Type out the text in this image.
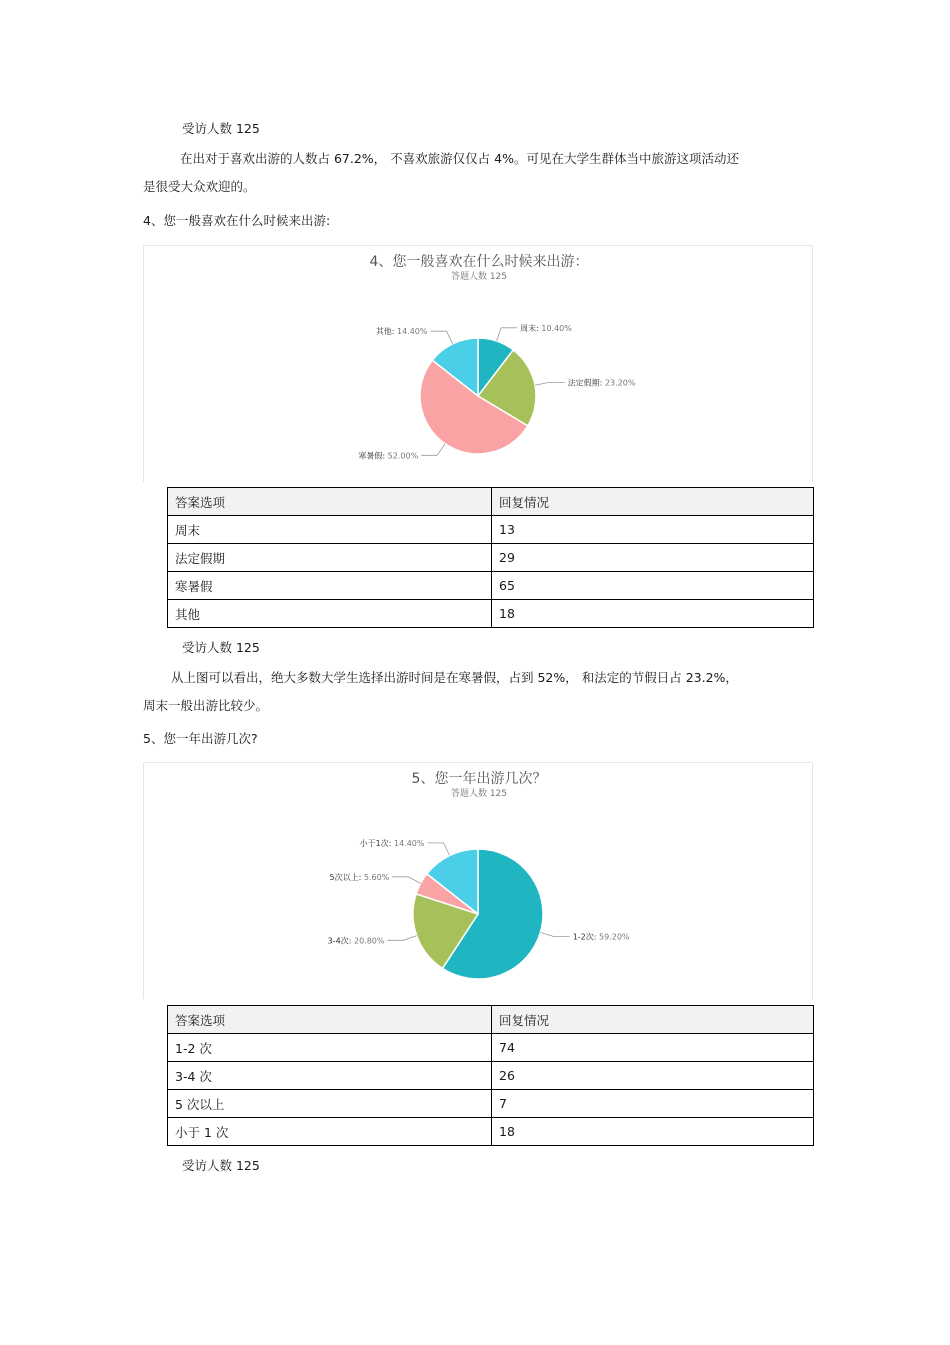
受访人数 125
在出对于喜欢出游的人数占 67.2%， 不喜欢旅游仅仅占 4%。可见在大学生群体当中旅游这项活动还
是很受大众欢迎的。
4、您一般喜欢在什么时候来出游:
4、您一般喜欢在什么时候来出游：
答题人数 125
周末: 10.40%
法定假期: 23.20%
寒暑假: 52.00%
其他: 14.40%
答案选项	回复情况
周末	13
法定假期	29
寒暑假	65
其他	18
受访人数 125
从上图可以看出，绝大多数大学生选择出游时间是在寒暑假，占到 52%， 和法定的节假日占 23.2%，
周末一般出游比较少。
5、您一年出游几次?
5、您一年出游几次？
答题人数 125
1-2次: 59.20%
3-4次: 20.80%
5次以上: 5.60%
小于1次: 14.40%
答案选项	回复情况
1-2 次	74
3-4 次	26
5 次以上	7
小于 1 次	18
受访人数 125
